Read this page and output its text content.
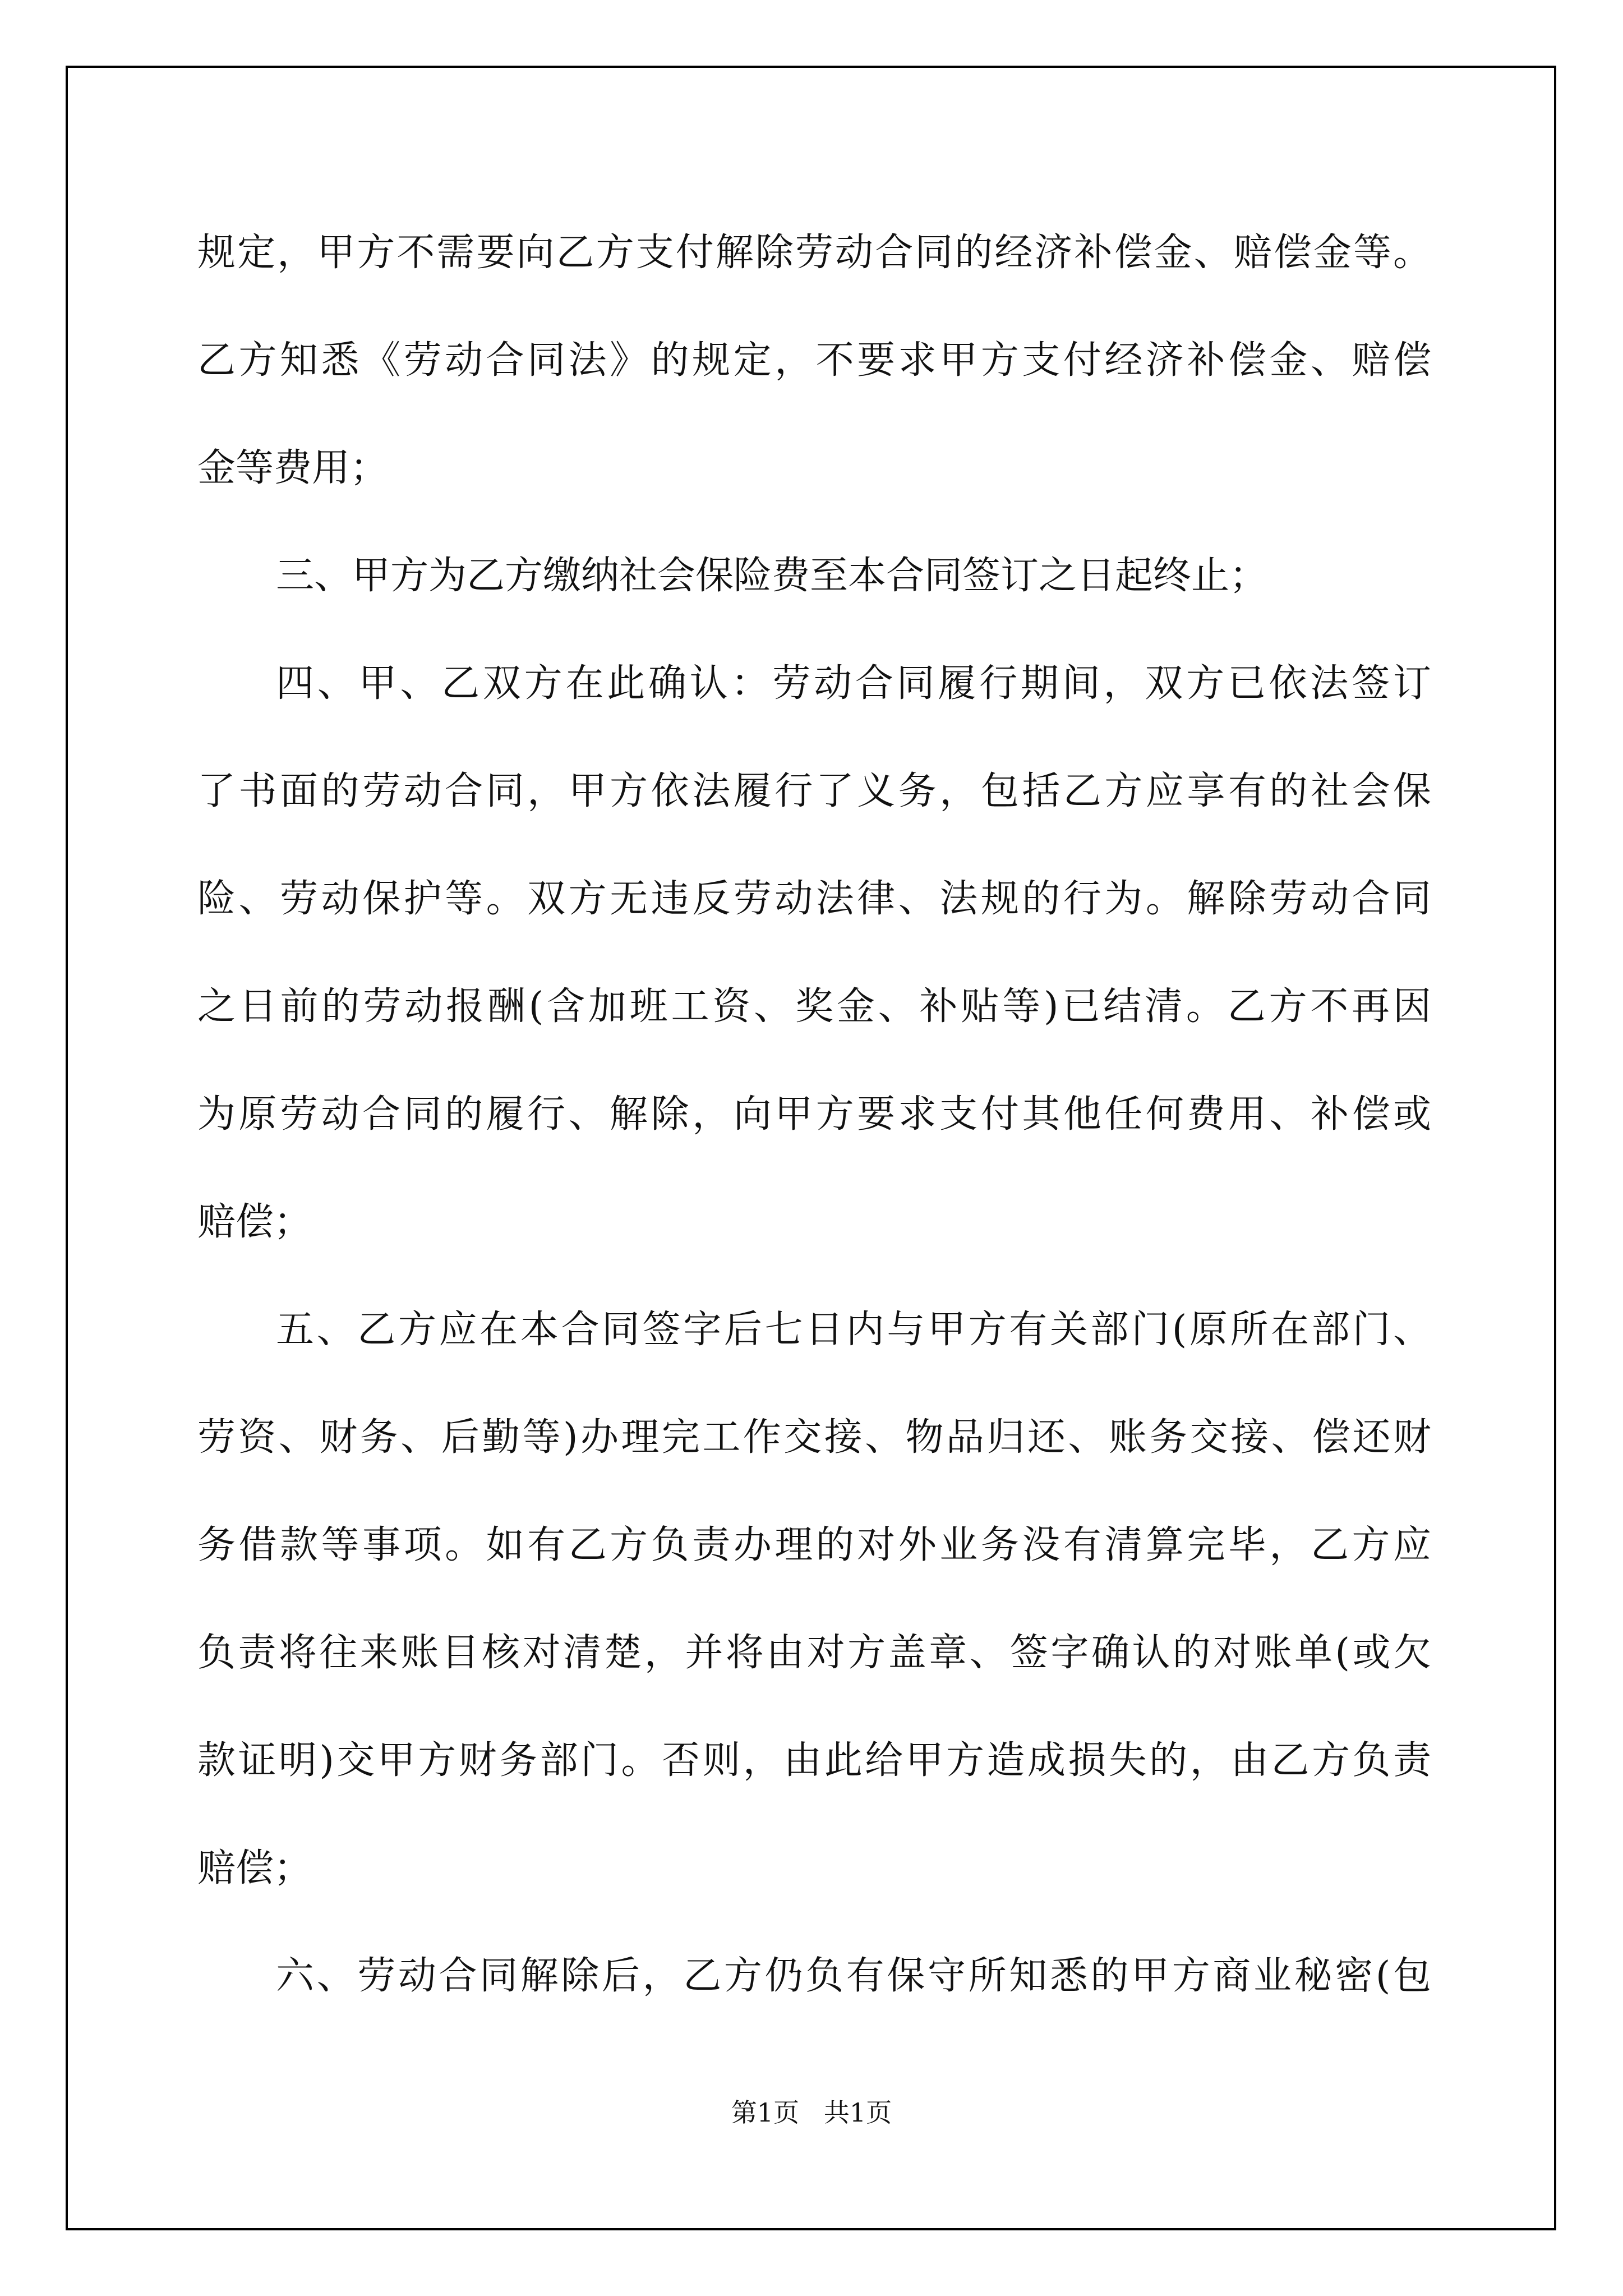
规定，甲方不需要向乙方支付解除劳动合同的经济补偿金、赔偿金等。
乙方知悉《劳动合同法》的规定，不要求甲方支付经济补偿金、赔偿
金等费用；
三、甲方为乙方缴纳社会保险费至本合同签订之日起终止；
四、甲、乙双方在此确认：劳动合同履行期间，双方已依法签订
了书面的劳动合同，甲方依法履行了义务，包括乙方应享有的社会保
险、劳动保护等。双方无违反劳动法律、法规的行为。解除劳动合同
之日前的劳动报酬(含加班工资、奖金、补贴等)已结清。乙方不再因
为原劳动合同的履行、解除，向甲方要求支付其他任何费用、补偿或
赔偿；
五、乙方应在本合同签字后七日内与甲方有关部门(原所在部门、
劳资、财务、后勤等)办理完工作交接、物品归还、账务交接、偿还财
务借款等事项。如有乙方负责办理的对外业务没有清算完毕，乙方应
负责将往来账目核对清楚，并将由对方盖章、签字确认的对账单(或欠
款证明)交甲方财务部门。否则，由此给甲方造成损失的，由乙方负责
赔偿；
六、劳动合同解除后，乙方仍负有保守所知悉的甲方商业秘密(包
第1页   共1页
